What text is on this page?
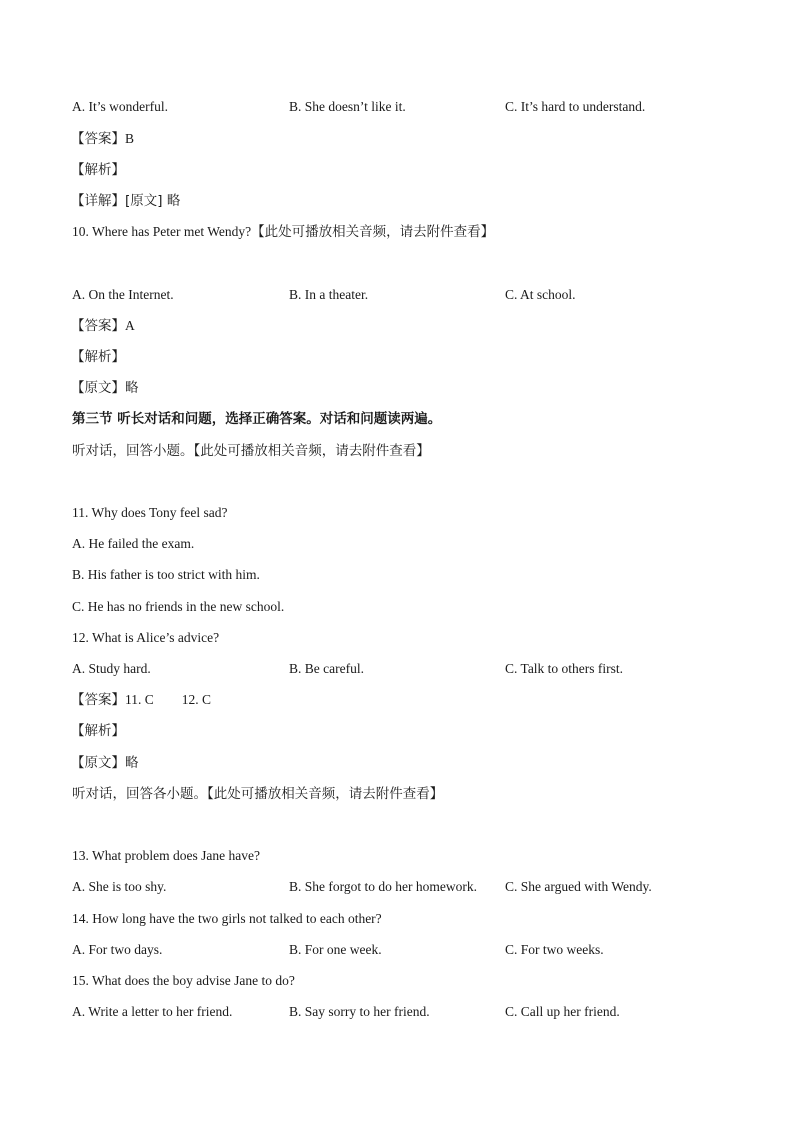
A. It’s wonderful.	B. She doesn’t like it.	C. It’s hard to understand.
【答案】B
【解析】
【详解】[原文] 略
10. Where has Peter met Wendy?【此处可播放相关音频，请去附件查看】
A. On the Internet.	B. In a theater.	C. At school.
【答案】A
【解析】
【原文】略
第三节 听长对话和问题，选择正确答案。对话和问题读两遍。
听对话，回答小题。【此处可播放相关音频，请去附件查看】
11. Why does Tony feel sad?
A. He failed the exam.
B. His father is too strict with him.
C. He has no friends in the new school.
12. What is Alice’s advice?
A. Study hard.	B. Be careful.	C. Talk to others first.
【答案】11. C 12. C
【解析】
【原文】略
听对话，回答各小题。【此处可播放相关音频，请去附件查看】
13. What problem does Jane have?
A. She is too shy.	B. She forgot to do her homework. C. She argued with Wendy.
14. How long have the two girls not talked to each other?
A. For two days.	B. For one week.	C. For two weeks.
15. What does the boy advise Jane to do?
A. Write a letter to her friend.	B. Say sorry to her friend.	C. Call up her friend.
